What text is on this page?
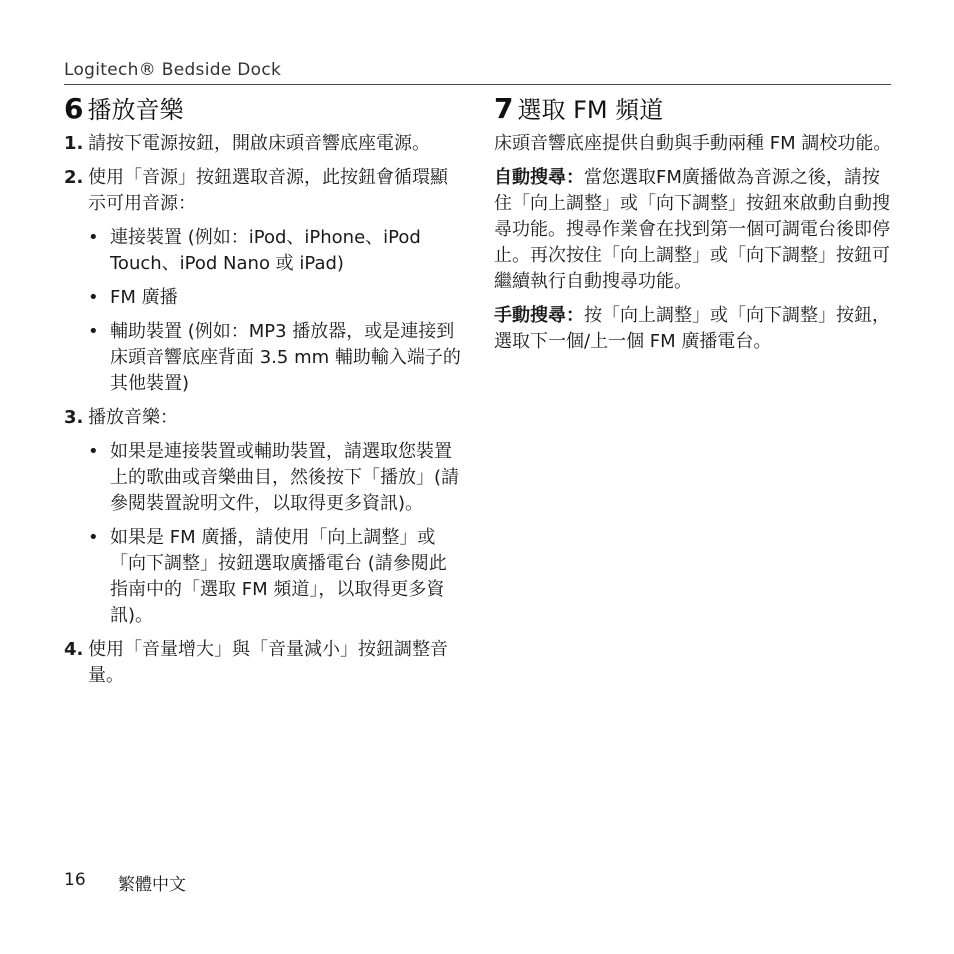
Logitech® Bedside Dock
6 播放音樂
1. 請按下電源按鈕，開啟床頭音響底座電源。
2. 使用「音源」按鈕選取音源，此按鈕會循環顯示可用音源：
• 連接裝置 (例如：iPod、iPhone、iPod Touch、iPod Nano 或 iPad)
• FM 廣播
• 輔助裝置 (例如：MP3 播放器，或是連接到床頭音響底座背面 3.5 mm 輔助輸入端子的其他裝置)
3. 播放音樂：
• 如果是連接裝置或輔助裝置，請選取您裝置上的歌曲或音樂曲目，然後按下「播放」(請參閱裝置說明文件，以取得更多資訊)。
• 如果是 FM 廣播，請使用「向上調整」或「向下調整」按鈕選取廣播電台 (請參閱此指南中的「選取 FM 頻道」，以取得更多資訊)。
4. 使用「音量增大」與「音量減小」按鈕調整音量。
7 選取 FM 頻道

床頭音響底座提供自動與手動兩種 FM 調校功能。

自動搜尋：當您選取FM廣播做為音源之後，請按住「向上調整」或「向下調整」按鈕來啟動自動搜尋功能。搜尋作業會在找到第一個可調電台後即停止。再次按住「向上調整」或「向下調整」按鈕可繼續執行自動搜尋功能。

手動搜尋：按「向上調整」或「向下調整」按鈕，選取下一個/上一個 FM 廣播電台。

16	繁體中文
